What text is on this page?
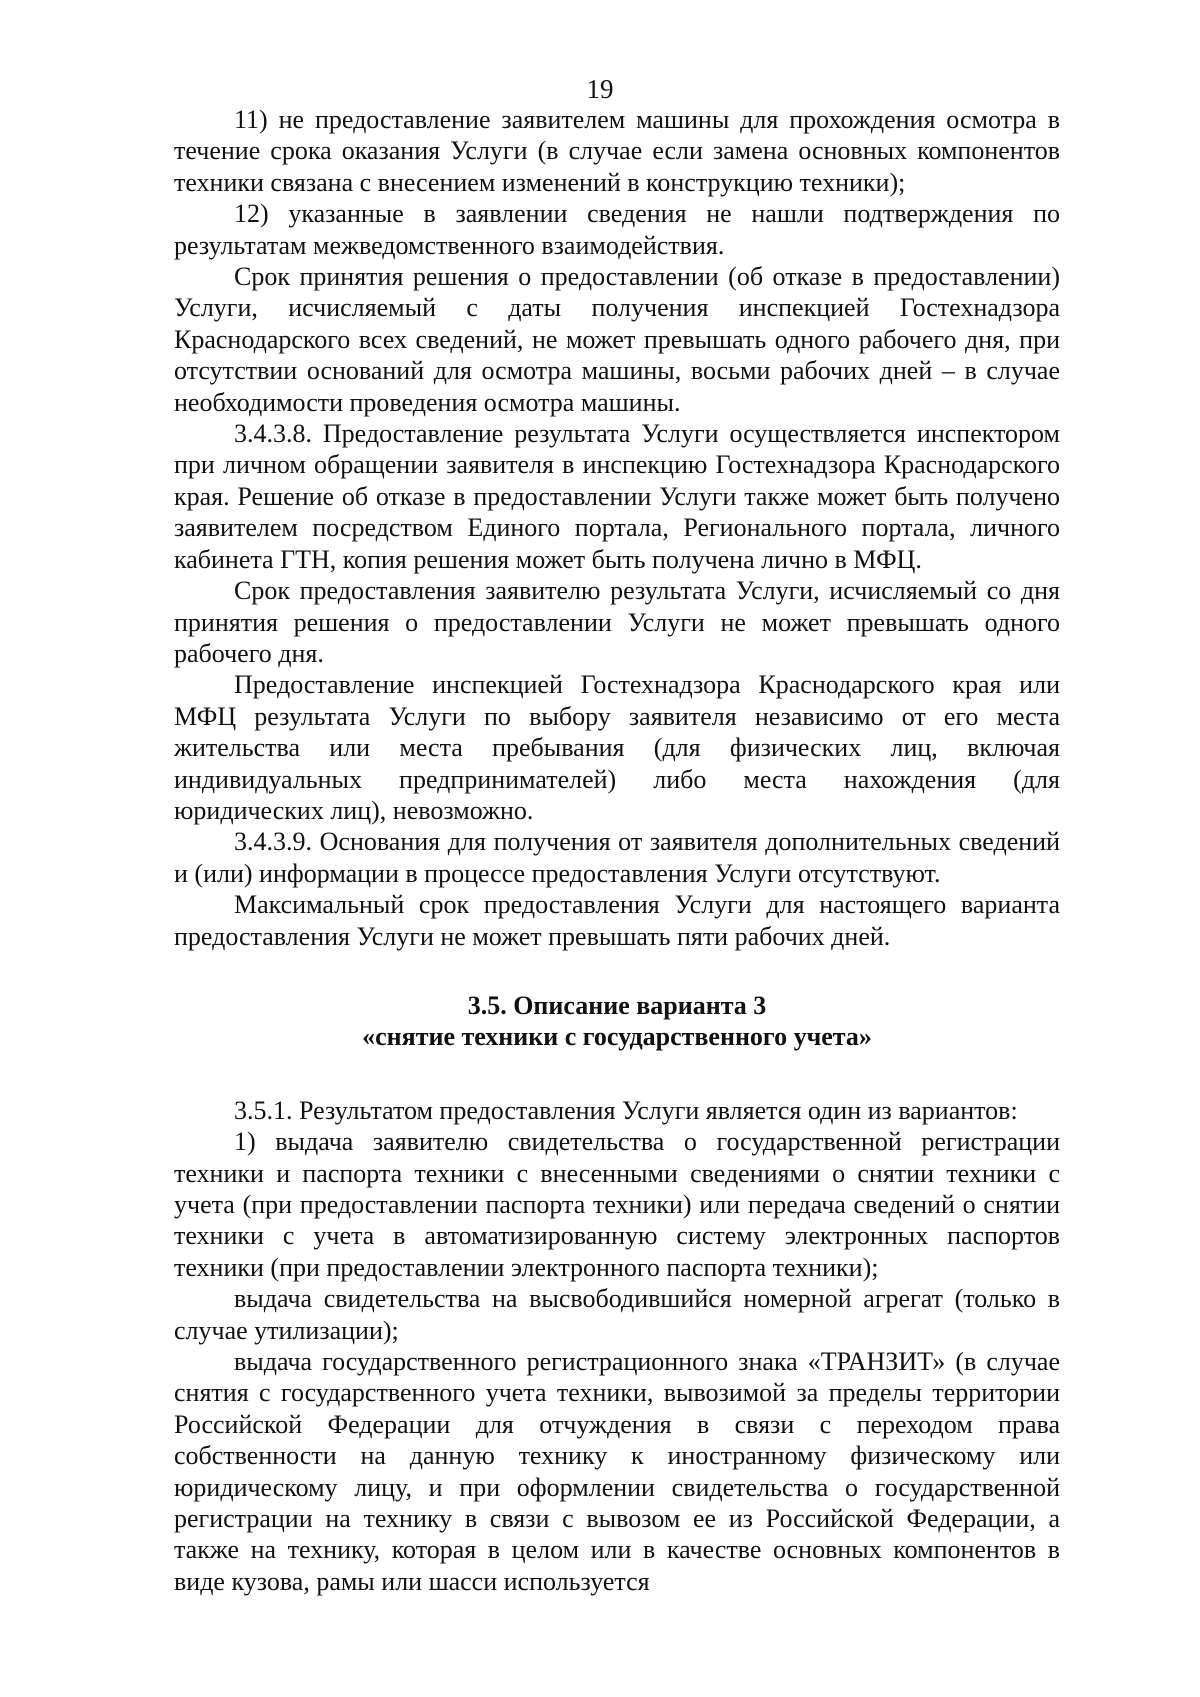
19

11) не предоставление заявителем машины для прохождения осмотра в течение срока оказания Услуги (в случае если замена основных компонентов техники связана с внесением изменений в конструкцию техники);

12) указанные в заявлении сведения не нашли подтверждения по результатам межведомственного взаимодействия.

Срок принятия решения о предоставлении (об отказе в предоставлении) Услуги, исчисляемый с даты получения инспекцией Гостехнадзора Краснодарского всех сведений, не может превышать одного рабочего дня, при отсутствии оснований для осмотра машины, восьми рабочих дней – в случае необходимости проведения осмотра машины.

3.4.3.8. Предоставление результата Услуги осуществляется инспектором при личном обращении заявителя в инспекцию Гостехнадзора Краснодарского края. Решение об отказе в предоставлении Услуги также может быть получено заявителем посредством Единого портала, Регионального портала, личного кабинета ГТН, копия решения может быть получена лично в МФЦ.

Срок предоставления заявителю результата Услуги, исчисляемый со дня принятия решения о предоставлении Услуги не может превышать одного рабочего дня.

Предоставление инспекцией Гостехнадзора Краснодарского края или МФЦ результата Услуги по выбору заявителя независимо от его места жительства или места пребывания (для физических лиц, включая индивидуальных предпринимателей) либо места нахождения (для юридических лиц), невозможно.

3.4.3.9. Основания для получения от заявителя дополнительных сведений и (или) информации в процессе предоставления Услуги отсутствуют.

Максимальный срок предоставления Услуги для настоящего варианта предоставления Услуги не может превышать пяти рабочих дней.

3.5. Описание варианта 3
«снятие техники с государственного учета»

3.5.1. Результатом предоставления Услуги является один из вариантов:

1) выдача заявителю свидетельства о государственной регистрации техники и паспорта техники с внесенными сведениями о снятии техники с учета (при предоставлении паспорта техники) или передача сведений о снятии техники с учета в автоматизированную систему электронных паспортов техники (при предоставлении электронного паспорта техники);

выдача свидетельства на высвободившийся номерной агрегат (только в случае утилизации);

выдача государственного регистрационного знака «ТРАНЗИТ» (в случае снятия с государственного учета техники, вывозимой за пределы территории Российской Федерации для отчуждения в связи с переходом права собственности на данную технику к иностранному физическому или юридическому лицу, и при оформлении свидетельства о государственной регистрации на технику в связи с вывозом ее из Российской Федерации, а также на технику, которая в целом или в качестве основных компонентов в виде кузова, рамы или шасси используется
